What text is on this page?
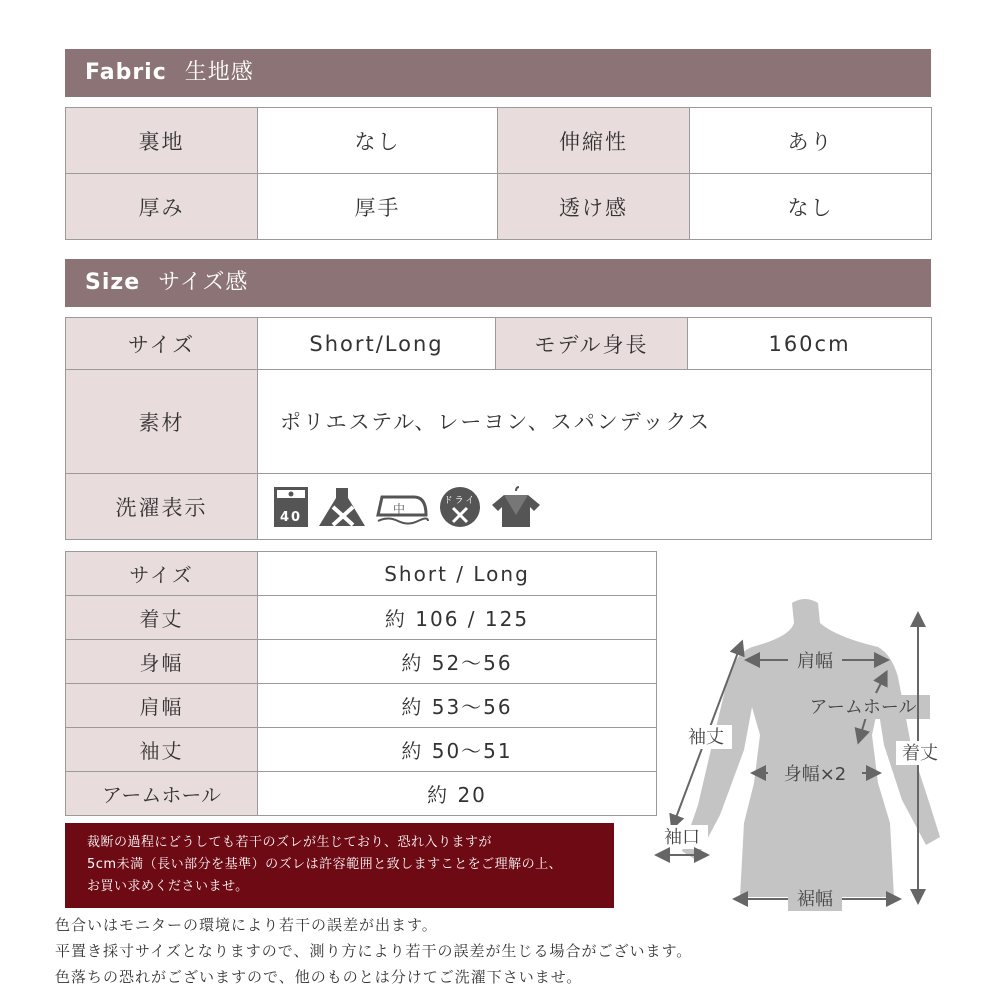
Fabric 生地感
裏地	なし	伸縮性	あり
厚み	厚手	透け感	なし
Size サイズ感
サイズ	Short/Long	モデル身長	160cm
素材	ポリエステル、レーヨン、スパンデックス		
洗濯表示	40
中
ドライ		
サイズ	Short / Long
着丈	約 106 / 125
身幅	約 52～56
肩幅	約 53～56
袖丈	約 50～51
アームホール	約 20
裁断の過程にどうしても若干のズレが生じており、恐れ入りますが
5cm未満（長い部分を基準）のズレは許容範囲と致しますことをご理解の上、
お買い求めくださいませ。
色合いはモニターの環境により若干の誤差が出ます。
平置き採寸サイズとなりますので、測り方により若干の誤差が生じる場合がございます。
色落ちの恐れがございますので、他のものとは分けてご洗濯下さいませ。
肩幅
アームホール
袖丈
着丈
身幅×2
袖口
裾幅
